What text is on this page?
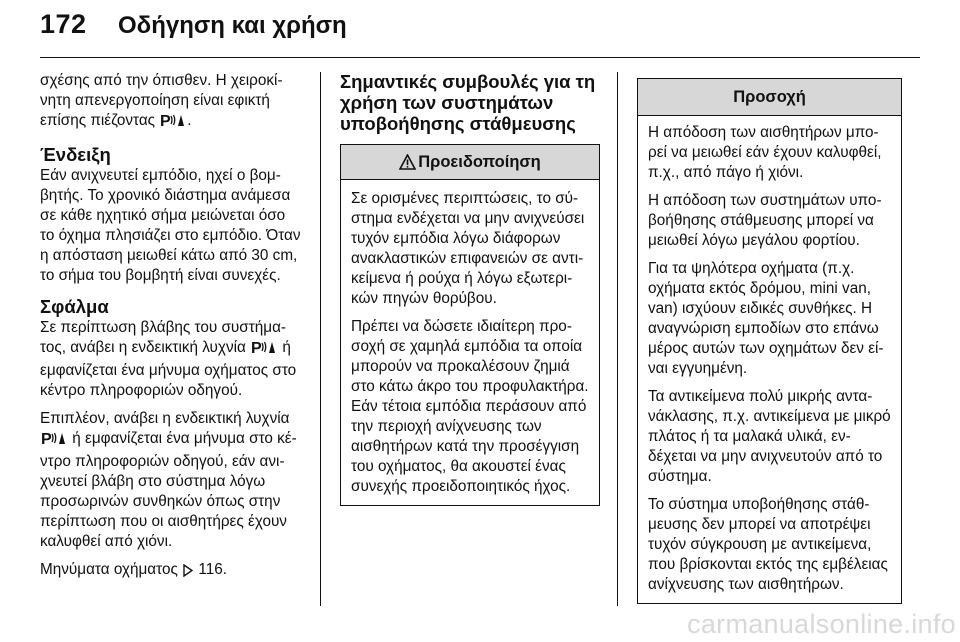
172 Οδήγηση και χρήση

σχέσης από την όπισθεν. Η χειροκίνητη απενεργοποίηση είναι εφικτή επίσης πιέζοντας P .

Ένδειξη

Εάν ανιχνευτεί εμπόδιο, ηχεί ο βομβητής. Το χρονικό διάστημα ανάμεσα σε κάθε ηχητικό σήμα μειώνεται όσο το όχημα πλησιάζει στο εμπόδιο. Όταν η απόσταση μειωθεί κάτω από 30 cm, το σήμα του βομβητή είναι συνεχές.

Σφάλμα

Σε περίπτωση βλάβης του συστήματος, ανάβει η ενδεικτική λυχνία P ή εμφανίζεται ένα μήνυμα οχήματος στο κέντρο πληροφοριών οδηγού.

Επιπλέον, ανάβει η ενδεικτική λυχνία
P ή εμφανίζεται ένα μήνυμα στο κέντρο πληροφοριών οδηγού, εάν ανιχνευτεί βλάβη στο σύστημα λόγω προσωρινών συνθηκών όπως στην περίπτωση που οι αισθητήρες έχουν καλυφθεί από χιόνι.

Μηνύματα οχήματος 116.

Σημαντικές συμβουλές για τη χρήση των συστημάτων υποβοήθησης στάθμευσης
Προειδοποίηση

Σε ορισμένες περιπτώσεις, το σύστημα ενδέχεται να μην ανιχνεύσει τυχόν εμπόδια λόγω διάφορων ανακλαστικών επιφανειών σε αντικείμενα ή ρούχα ή λόγω εξωτερικών πηγών θορύβου.

Πρέπει να δώσετε ιδιαίτερη προσοχή σε χαμηλά εμπόδια τα οποία μπορούν να προκαλέσουν ζημιά στο κάτω άκρο του προφυλακτήρα. Εάν τέτοια εμπόδια περάσουν από την περιοχή ανίχνευσης των αισθητήρων κατά την προσέγγιση του οχήματος, θα ακουστεί ένας συνεχής προειδοποιητικός ήχος.

Προσοχή

Η απόδοση των αισθητήρων μπορεί να μειωθεί εάν έχουν καλυφθεί, π.χ., από πάγο ή χιόνι.

Η απόδοση των συστημάτων υποβοήθησης στάθμευσης μπορεί να μειωθεί λόγω μεγάλου φορτίου.

Για τα ψηλότερα οχήματα (π.χ. οχήματα εκτός δρόμου, mini van, van) ισχύουν ειδικές συνθήκες. Η αναγνώριση εμποδίων στο επάνω μέρος αυτών των οχημάτων δεν είναι εγγυημένη.

Τα αντικείμενα πολύ μικρής αντανάκλασης, π.χ. αντικείμενα με μικρό πλάτος ή τα μαλακά υλικά, ενδέχεται να μην ανιχνευτούν από το σύστημα.

Το σύστημα υποβοήθησης στάθμευσης δεν μπορεί να αποτρέψει τυχόν σύγκρουση με αντικείμενα, που βρίσκονται εκτός της εμβέλειας ανίχνευσης των αισθητήρων.

carmanualsonline.info
